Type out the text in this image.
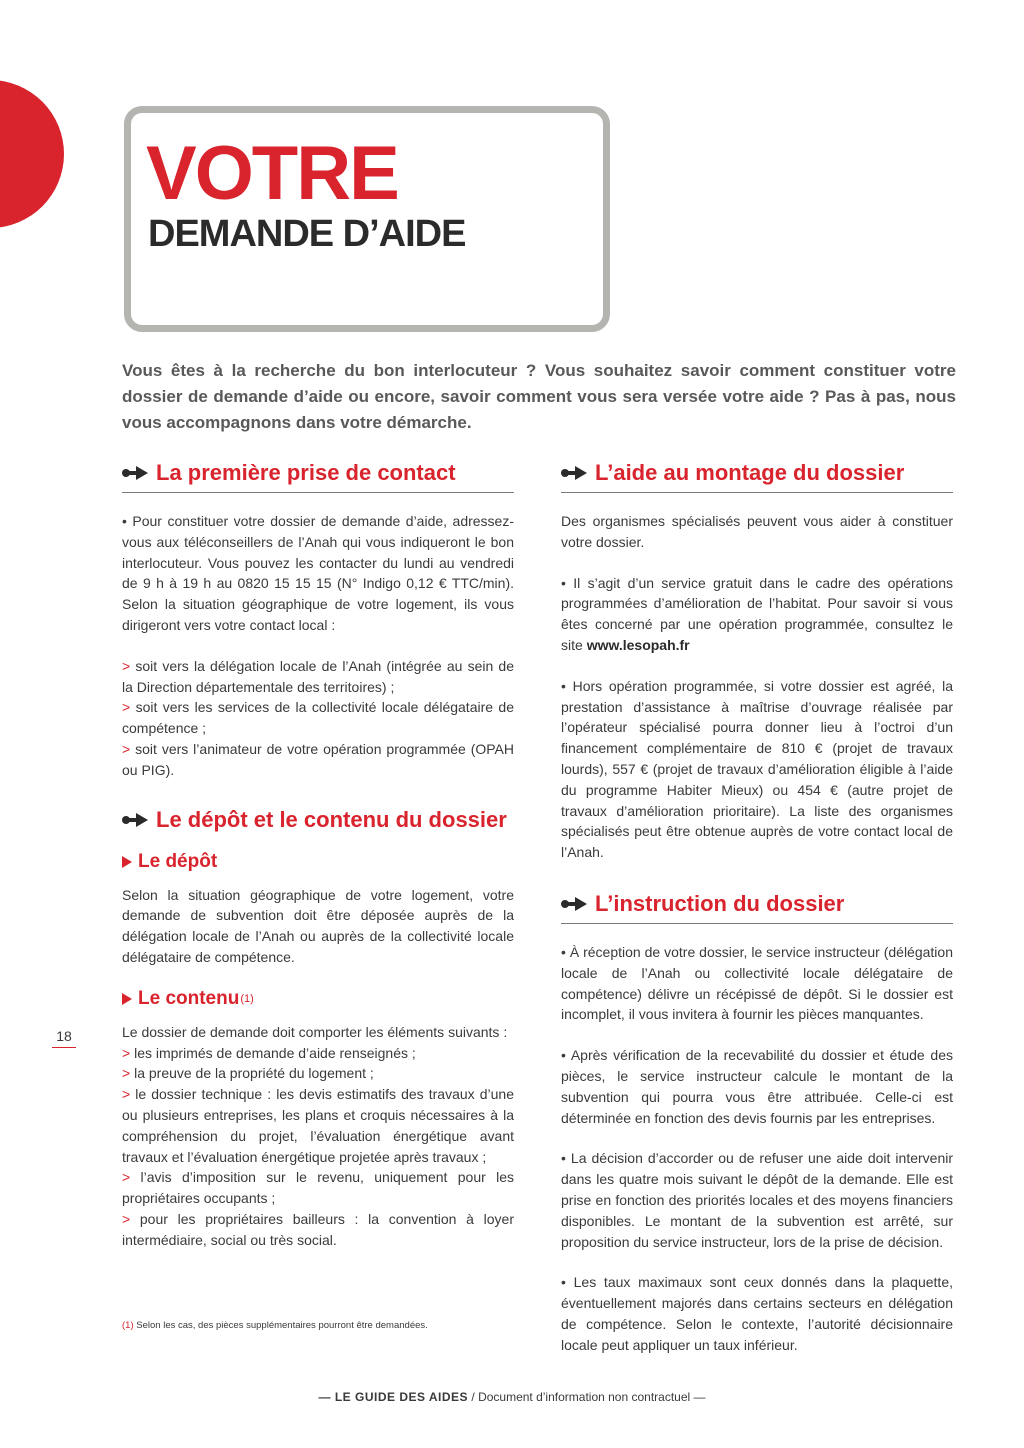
VOTRE
DEMANDE D’AIDE
Vous êtes à la recherche du bon interlocuteur ? Vous souhaitez savoir comment constituer votre dossier de demande d’aide ou encore, savoir comment vous sera versée votre aide ? Pas à pas, nous vous accompagnons dans votre démarche.
La première prise de contact

• Pour constituer votre dossier de demande d’aide, adressez-vous aux téléconseillers de l’Anah qui vous indiqueront le bon interlocuteur. Vous pouvez les contacter du lundi au vendredi de 9 h à 19 h au 0820 15 15 15 (N° Indigo 0,12 € TTC/min). Selon la situation géographique de votre logement, ils vous dirigeront vers votre contact local :

> soit vers la délégation locale de l’Anah (intégrée au sein de la Direction départementale des territoires) ;

> soit vers les services de la collectivité locale délégataire de compétence ;

> soit vers l’animateur de votre opération programmée (OPAH ou PIG).

Le dépôt et le contenu du dossier
Le dépôt

Selon la situation géographique de votre logement, votre demande de subvention doit être déposée auprès de la délégation locale de l’Anah ou auprès de la collectivité locale délégataire de compétence.

Le contenu (1)

Le dossier de demande doit comporter les éléments suivants :

> les imprimés de demande d’aide renseignés ;

> la preuve de la propriété du logement ;

> le dossier technique : les devis estimatifs des travaux d’une ou plusieurs entreprises, les plans et croquis nécessaires à la compréhension du projet, l’évaluation énergétique avant travaux et l’évaluation énergétique projetée après travaux ;

> l’avis d’imposition sur le revenu, uniquement pour les propriétaires occupants ;

> pour les propriétaires bailleurs : la convention à loyer intermédiaire, social ou très social.

L’aide au montage du dossier

Des organismes spécialisés peuvent vous aider à constituer votre dossier.

• Il s’agit d’un service gratuit dans le cadre des opérations programmées d’amélioration de l’habitat. Pour savoir si vous êtes concerné par une opération programmée, consultez le site www.lesopah.fr

• Hors opération programmée, si votre dossier est agréé, la prestation d’assistance à maîtrise d’ouvrage réalisée par l’opérateur spécialisé pourra donner lieu à l’octroi d’un financement complémentaire de 810 € (projet de travaux lourds), 557 € (projet de travaux d’amélioration éligible à l’aide du programme Habiter Mieux) ou 454 € (autre projet de travaux d’amélioration prioritaire). La liste des organismes spécialisés peut être obtenue auprès de votre contact local de l’Anah.

L’instruction du dossier

• À réception de votre dossier, le service instructeur (délégation locale de l’Anah ou collectivité locale délégataire de compétence) délivre un récépissé de dépôt. Si le dossier est incomplet, il vous invitera à fournir les pièces manquantes.

• Après vérification de la recevabilité du dossier et étude des pièces, le service instructeur calcule le montant de la subvention qui pourra vous être attribuée. Celle-ci est déterminée en fonction des devis fournis par les entreprises.

• La décision d’accorder ou de refuser une aide doit intervenir dans les quatre mois suivant le dépôt de la demande. Elle est prise en fonction des priorités locales et des moyens financiers disponibles. Le montant de la subvention est arrêté, sur proposition du service instructeur, lors de la prise de décision.

• Les taux maximaux sont ceux donnés dans la plaquette, éventuellement majorés dans certains secteurs en délégation de compétence. Selon le contexte, l’autorité décisionnaire locale peut appliquer un taux inférieur.

18
(1) Selon les cas, des pièces supplémentaires pourront être demandées.
— LE GUIDE DES AIDES / Document d’information non contractuel —
